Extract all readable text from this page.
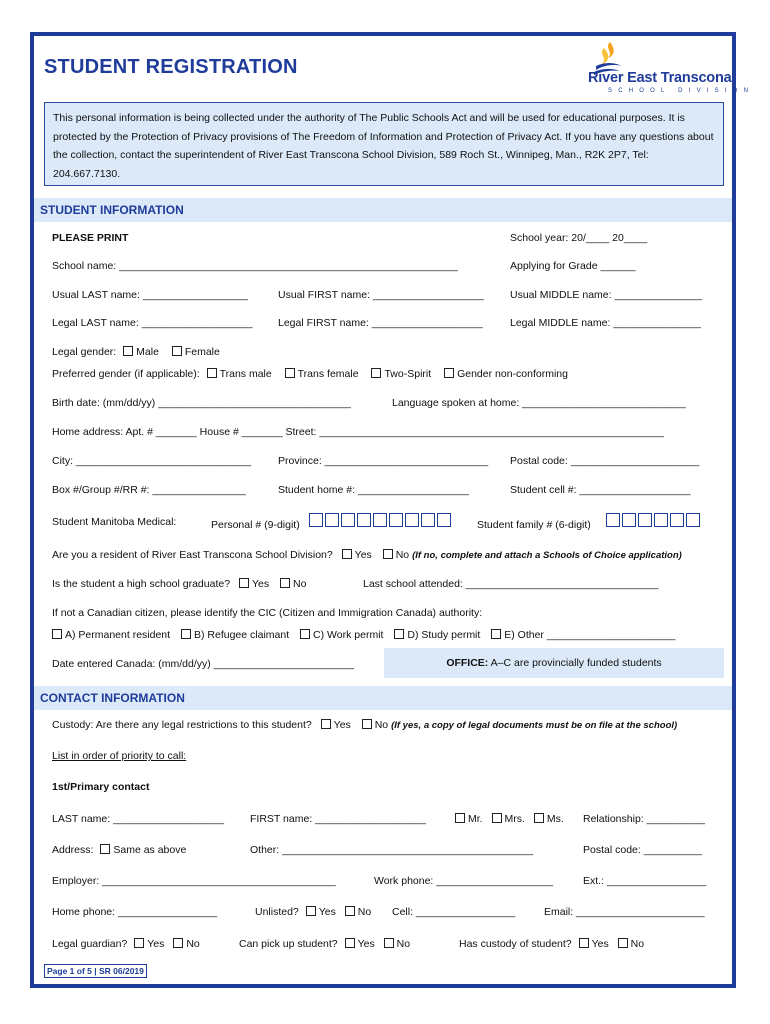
STUDENT REGISTRATION	River East Transcona
SCHOOL DIVISION
This personal information is being collected under the authority of The Public Schools Act and will be used for educational purposes. It is protected by the Protection of Privacy provisions of The Freedom of Information and Protection of Privacy Act. If you have any questions about the collection, contact the superintendent of River East Transcona School Division, 589 Roch St., Winnipeg, Man., R2K 2P7, Tel: 204.667.7130.
STUDENT INFORMATION
PLEASE PRINT	School year: 20/____ 20____
School name: __________________________________________________________	Applying for Grade ______
Usual LAST name: __________________	Usual FIRST name: ___________________ Usual MIDDLE name: _______________
Legal LAST name: ___________________ Legal FIRST name: ___________________	Legal MIDDLE name: _______________
Legal gender: Male Female
Preferred gender (if applicable): Trans male Trans female Two-Spirit Gender non-conforming
Birth date: (mm/dd/yy) _________________________________	Language spoken at home: ____________________________
Home address: Apt. # _______ House # _______ Street: ___________________________________________________________
City: ______________________________	Province: ____________________________ Postal code: ______________________
Box #/Group #/RR #: ________________	Student home #: ___________________	Student cell #: ___________________
Student Manitoba Medical:	Personal # (9-digit)	Student family # (6-digit)
Are you a resident of River East Transcona School Division? Yes No (If no, complete and attach a Schools of Choice application)
Is the student a high school graduate? Yes No	Last school attended: _________________________________
If not a Canadian citizen, please identify the CIC (Citizen and Immigration Canada) authority:
A) Permanent resident B) Refugee claimant C) Work permit D) Study permit E) Other ______________________
Date entered Canada: (mm/dd/yy) ________________________	OFFICE: A–C are provincially funded students
CONTACT INFORMATION
Custody: Are there any legal restrictions to this student? Yes No (If yes, a copy of legal documents must be on file at the school)
List in order of priority to call:
1st/Primary contact
LAST name: ___________________ FIRST name: ___________________	Mr. Mrs. Ms. Relationship: __________
Address: Same as above	Other: ___________________________________________	Postal code: __________
Employer: ________________________________________	Work phone: ____________________	Ext.: _________________
Home phone: _________________	Unlisted? Yes No Cell: _________________	Email: ______________________
Legal guardian? Yes No	Can pick up student? Yes No	Has custody of student? Yes No
Page 1 of 5 | SR 06/2019
